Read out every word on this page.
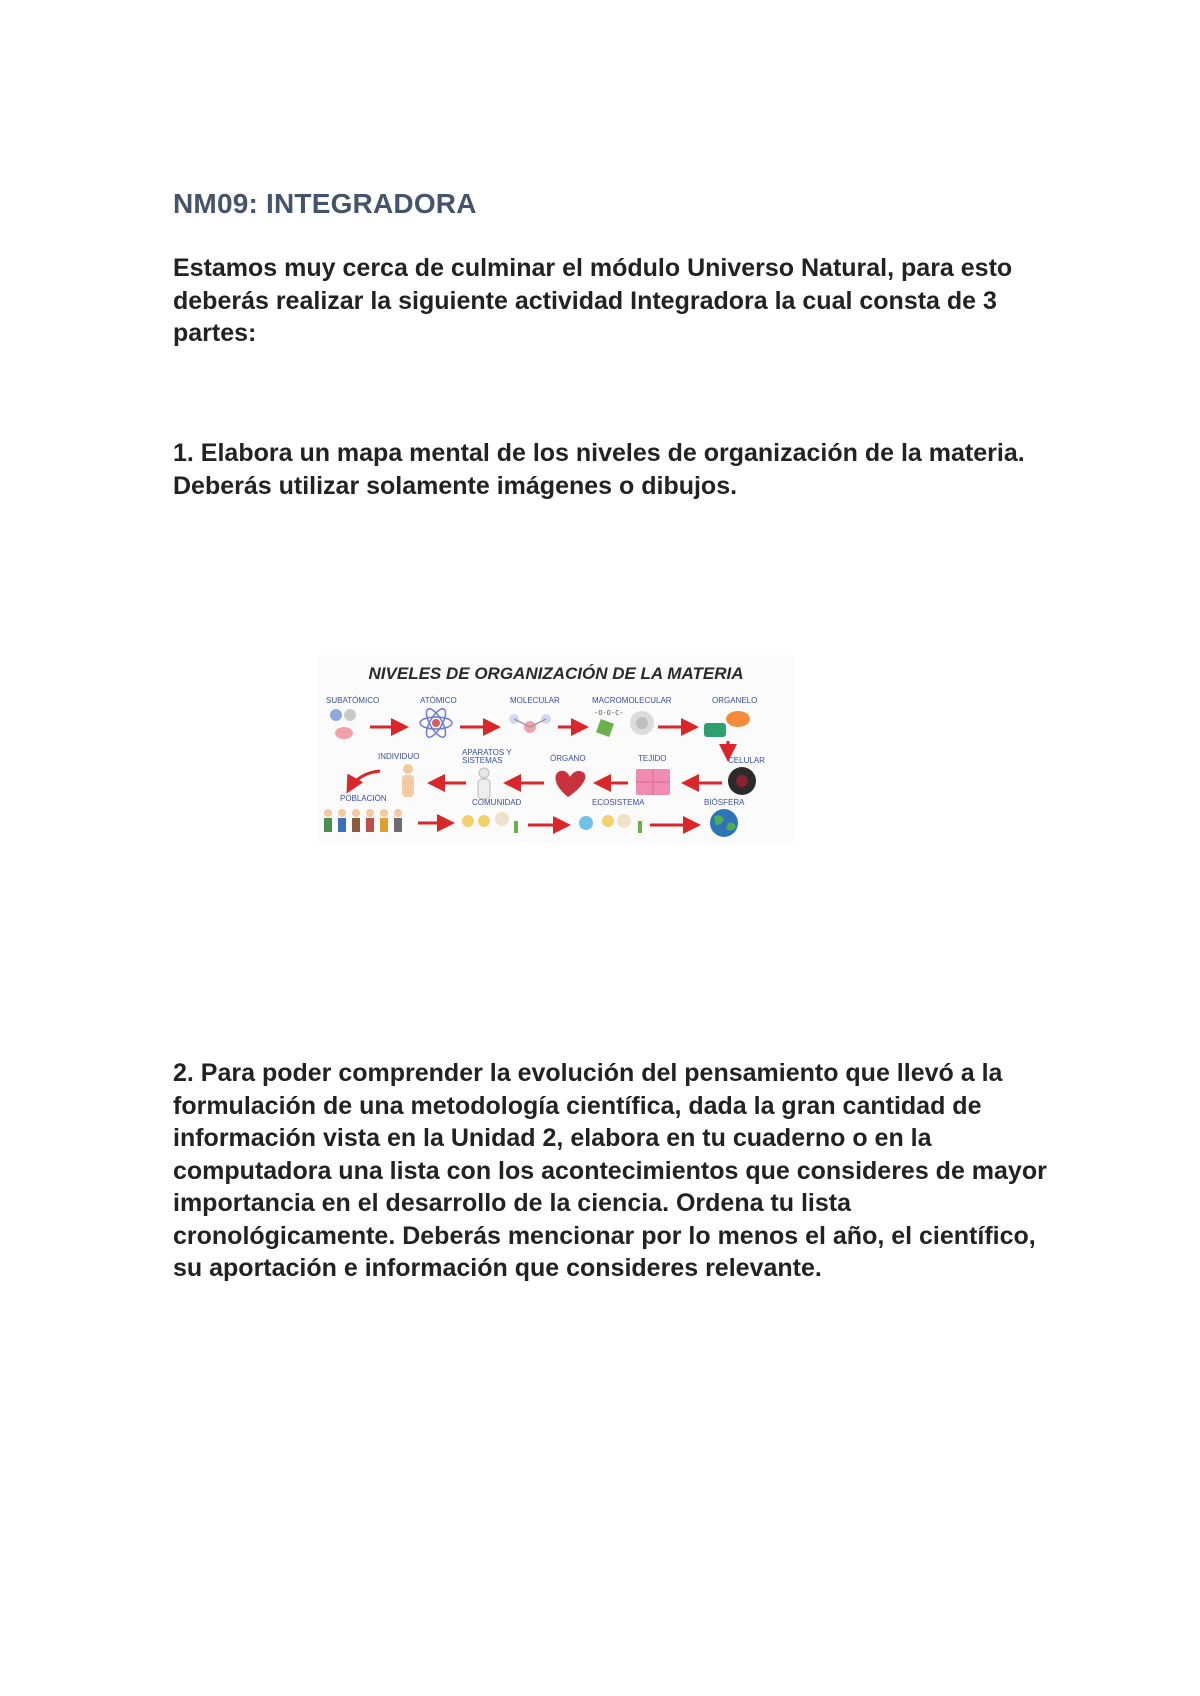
NM09: INTEGRADORA

Estamos muy cerca de culminar el módulo Universo Natural, para esto deberás realizar la siguiente actividad Integradora la cual consta de 3 partes:

1. Elabora un mapa mental de los niveles de organización de la materia. Deberás utilizar solamente imágenes o dibujos.

NIVELES DE ORGANIZACIÓN DE LA MATERIA
SUBATÓMICO	ATÓMICO	MOLECULAR	MACROMOLECULAR	ORGANELO
-O-O-C-
INDIVIDUO	APARATOS Y
SISTEMAS	ÓRGANO	TEJIDO	CELULAR
POBLACIÓN	COMUNIDAD	ECOSISTEMA	BIÓSFERA

2. Para poder comprender la evolución del pensamiento que llevó a la formulación de una metodología científica, dada la gran cantidad de información vista en la Unidad 2, elabora en tu cuaderno o en la computadora una lista con los acontecimientos que consideres de mayor importancia en el desarrollo de la ciencia. Ordena tu lista cronológicamente. Deberás mencionar por lo menos el año, el científico, su aportación e información que consideres relevante.
